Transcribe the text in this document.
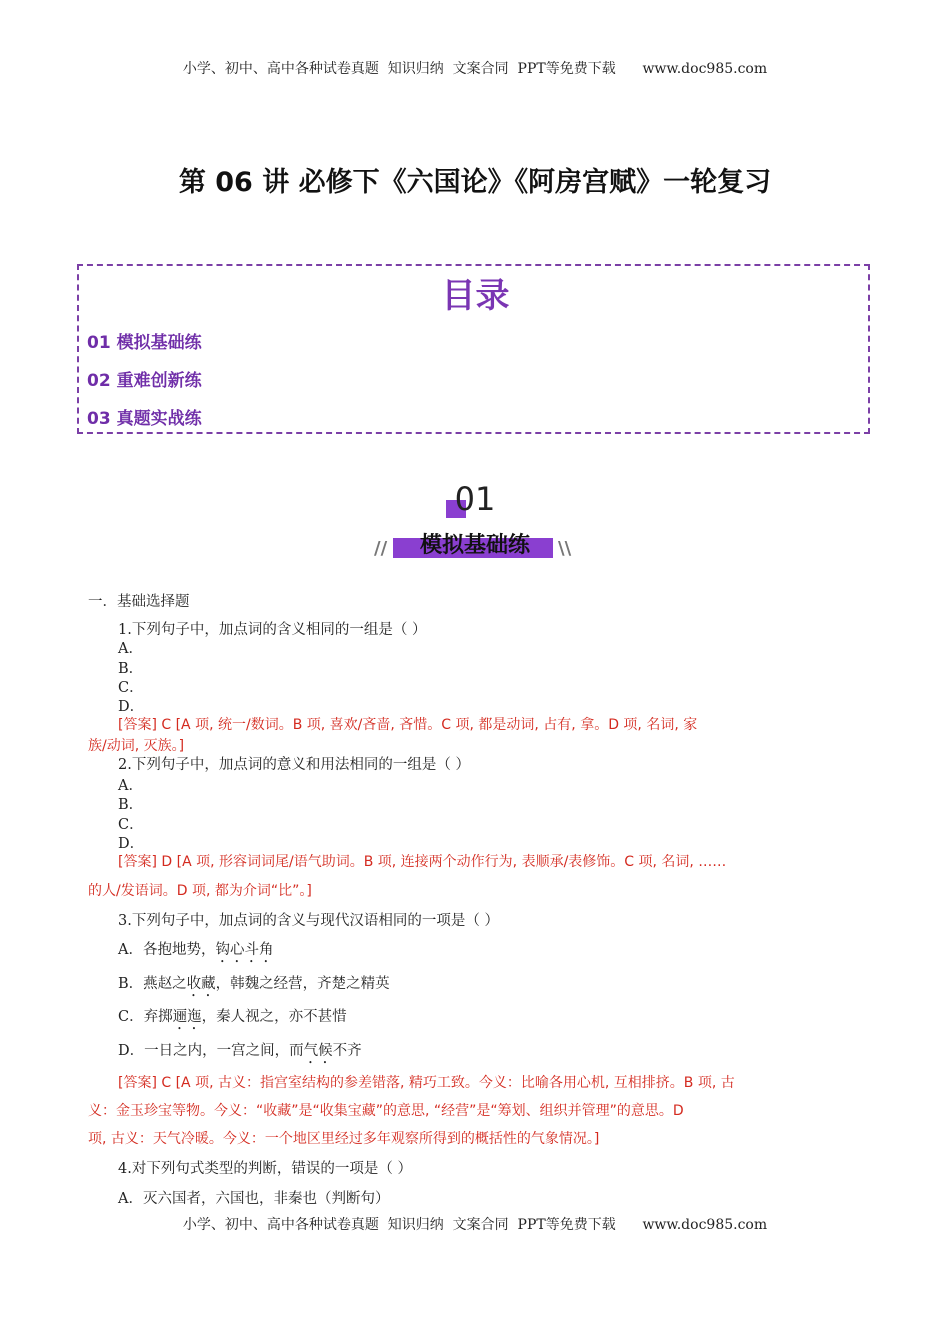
小学、初中、高中各种试卷真题  知识归纳  文案合同  PPT等免费下载      www.doc985.com
第 06 讲 必修下《六国论》《阿房宫赋》一轮复习
目录
01 模拟基础练
02 重难创新练
03 真题实战练
01
//	模拟基础练	\\
一．基础选择题
1.下列句子中，加点词的含义相同的一组是（ ）
A．
B．
C．
D．
[答案] C [A 项, 统一/数词。B 项, 喜欢/吝啬, 吝惜。C 项, 都是动词, 占有, 拿。D 项, 名词, 家
族/动词, 灭族。]
2.下列句子中，加点词的意义和用法相同的一组是（ ）
A．
B．
C．
D．
[答案] D [A 项, 形容词词尾/语气助词。B 项, 连接两个动作行为, 表顺承/表修饰。C 项, 名词, ……
的人/发语词。D 项, 都为介词“比”。]
3.下列句子中，加点词的含义与现代汉语相同的一项是（ ）
A．各抱地势，钩心斗角
B．燕赵之收藏，韩魏之经营，齐楚之精英
C．弃掷逦迤，秦人视之，亦不甚惜
D．一日之内，一宫之间，而气候不齐
[答案] C [A 项, 古义：指宫室结构的参差错落, 精巧工致。今义：比喻各用心机, 互相排挤。B 项, 古
义：金玉珍宝等物。今义：“收藏”是“收集宝藏”的意思, “经营”是“筹划、组织并管理”的意思。D
项, 古义：天气冷暖。今义：一个地区里经过多年观察所得到的概括性的气象情况。]
4.对下列句式类型的判断，错误的一项是（ ）
A．灭六国者，六国也，非秦也（判断句）
小学、初中、高中各种试卷真题  知识归纳  文案合同  PPT等免费下载      www.doc985.com
